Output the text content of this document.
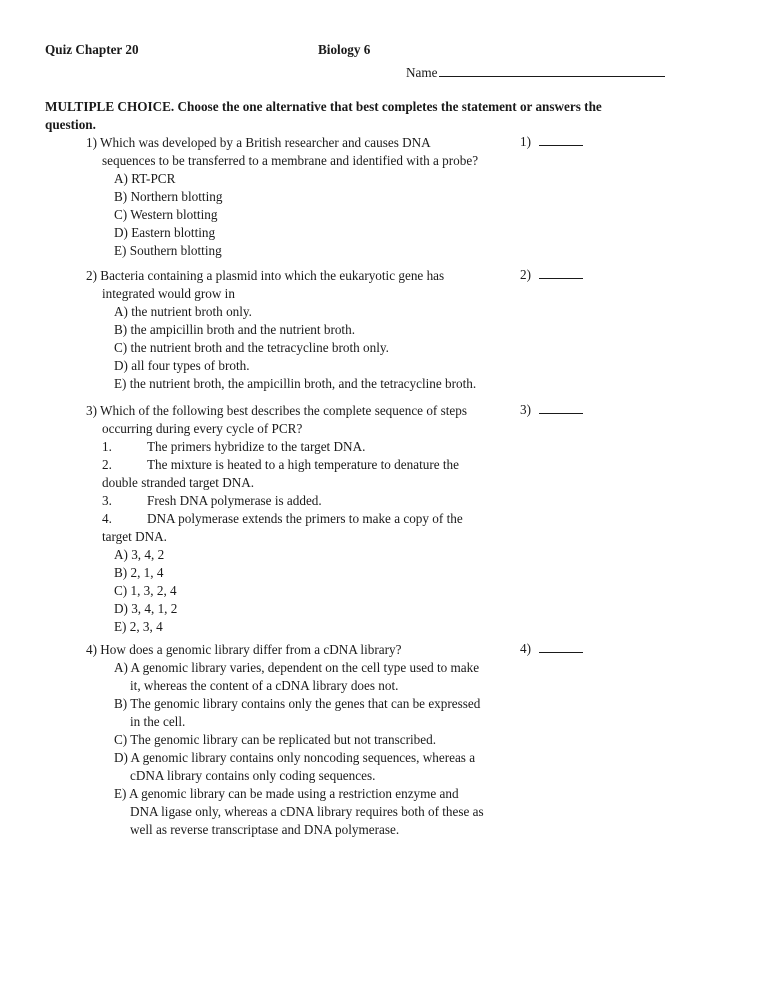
Quiz Chapter 20	Biology 6
Name
MULTIPLE CHOICE. Choose the one alternative that best completes the statement or answers the question.
1) Which was developed by a British researcher and causes DNA
sequences to be transferred to a membrane and identified with a probe?
A) RT-PCR
B) Northern blotting
C) Western blotting
D) Eastern blotting
E) Southern blotting
1)
2) Bacteria containing a plasmid into which the eukaryotic gene has
integrated would grow in
A) the nutrient broth only.
B) the ampicillin broth and the nutrient broth.
C) the nutrient broth and the tetracycline broth only.
D) all four types of broth.
E) the nutrient broth, the ampicillin broth, and the tetracycline broth.
2)
3) Which of the following best describes the complete sequence of steps
occurring during every cycle of PCR?
1.	The primers hybridize to the target DNA.
2.	The mixture is heated to a high temperature to denature the
double stranded target DNA.
3.	Fresh DNA polymerase is added.
4.	DNA polymerase extends the primers to make a copy of the
target DNA.
A) 3, 4, 2
B) 2, 1, 4
C) 1, 3, 2, 4
D) 3, 4, 1, 2
E) 2, 3, 4
3)
4) How does a genomic library differ from a cDNA library?
A) A genomic library varies, dependent on the cell type used to make
it, whereas the content of a cDNA library does not.
B) The genomic library contains only the genes that can be expressed
in the cell.
C) The genomic library can be replicated but not transcribed.
D) A genomic library contains only noncoding sequences, whereas a
cDNA library contains only coding sequences.
E) A genomic library can be made using a restriction enzyme and
DNA ligase only, whereas a cDNA library requires both of these as
well as reverse transcriptase and DNA polymerase.
4)
